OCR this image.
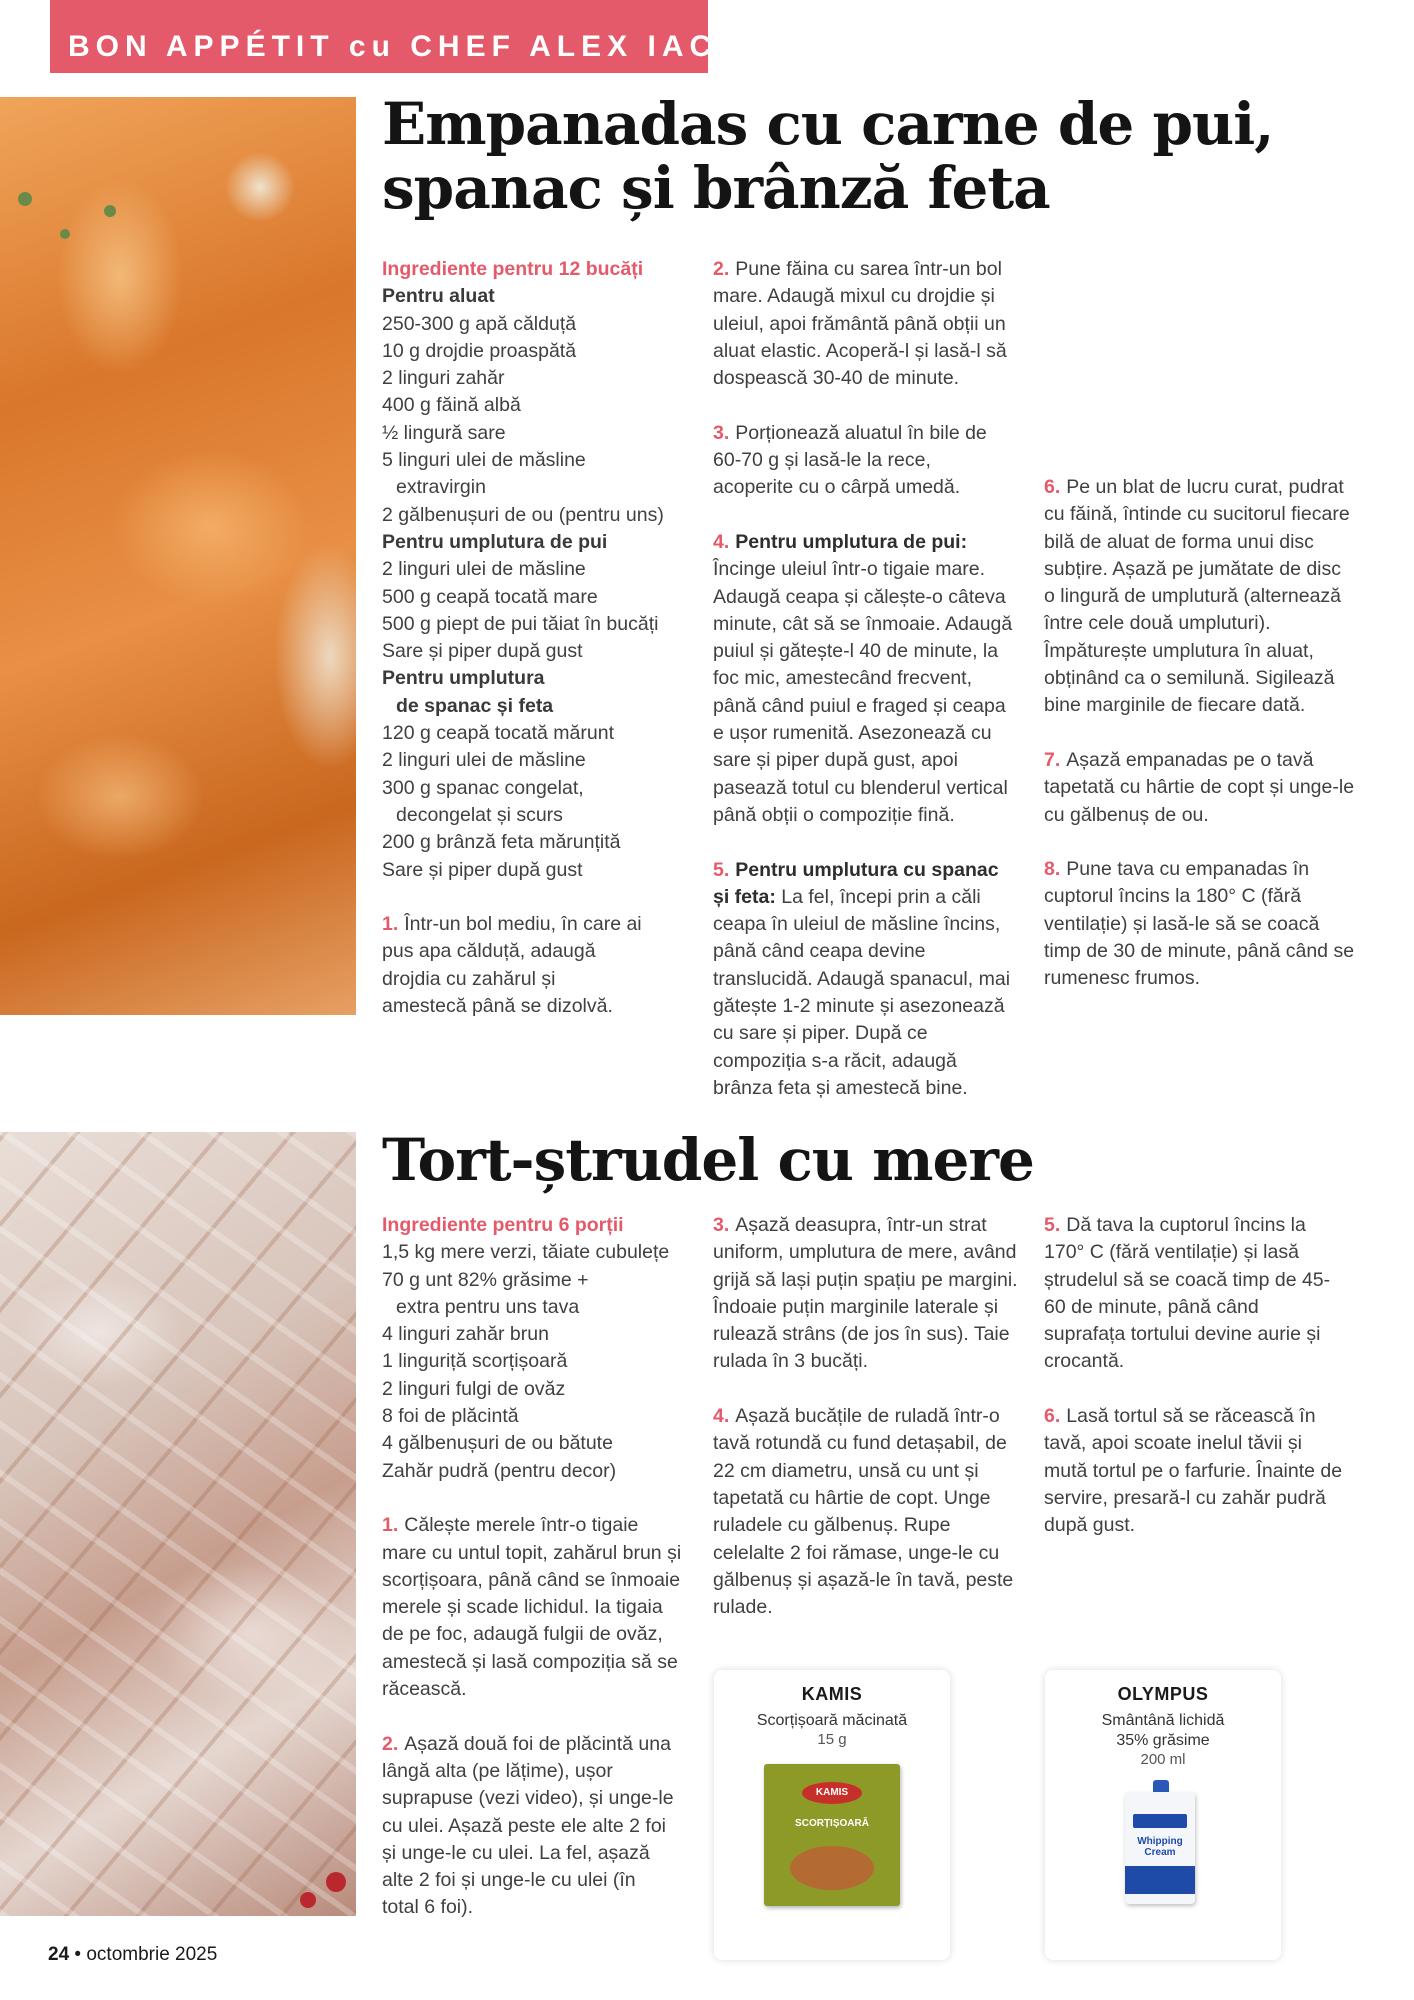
BON APPÉTIT cu CHEF ALEX IACOB
Empanadas cu carne de pui,
spanac și brânză feta

Ingrediente pentru 12 bucăți

Pentru aluat

250-300 g apă călduță

10 g drojdie proaspătă

2 linguri zahăr

400 g făină albă

½ lingură sare

5 linguri ulei de măsline

extravirgin

2 gălbenușuri de ou (pentru uns)

Pentru umplutura de pui

2 linguri ulei de măsline

500 g ceapă tocată mare

500 g piept de pui tăiat în bucăți

Sare și piper după gust

Pentru umplutura

de spanac și feta

120 g ceapă tocată mărunt

2 linguri ulei de măsline

300 g spanac congelat,

decongelat și scurs

200 g brânză feta mărunțită

Sare și piper după gust

1. Într-un bol mediu, în care ai pus apa călduță, adaugă drojdia cu zahărul și amestecă până se dizolvă.

2. Pune făina cu sarea într-un bol mare. Adaugă mixul cu drojdie și uleiul, apoi frământă până obții un aluat elastic. Acoperă-l și lasă-l să dospească 30-40 de minute.

3. Porționează aluatul în bile de 60-70 g și lasă-le la rece, acoperite cu o cârpă umedă.

4. Pentru umplutura de pui: Încinge uleiul într-o tigaie mare. Adaugă ceapa și călește-o câteva minute, cât să se înmoaie. Adaugă puiul și gătește-l 40 de minute, la foc mic, amestecând frecvent, până când puiul e fraged și ceapa e ușor rumenită. Asezonează cu sare și piper după gust, apoi pasează totul cu blenderul vertical până obții o compoziție fină.

5. Pentru umplutura cu spanac și feta: La fel, începi prin a căli ceapa în uleiul de măsline încins, până când ceapa devine translucidă. Adaugă spanacul, mai gătește 1-2 minute și asezonează cu sare și piper. După ce compoziția s-a răcit, adaugă brânza feta și amestecă bine.

6. Pe un blat de lucru curat, pudrat cu făină, întinde cu sucitorul fiecare bilă de aluat de forma unui disc subțire. Așază pe jumătate de disc o lingură de umplutură (alternează între cele două umpluturi). Împăturește umplutura în aluat, obținând ca o semilună. Sigilează bine marginile de fiecare dată.

7. Așază empanadas pe o tavă tapetată cu hârtie de copt și unge-le cu gălbenuș de ou.

8. Pune tava cu empanadas în cuptorul încins la 180° C (fără ventilație) și lasă-le să se coacă timp de 30 de minute, până când se rumenesc frumos.

Tort-ștrudel cu mere

Ingrediente pentru 6 porții

1,5 kg mere verzi, tăiate cubulețe

70 g unt 82% grăsime +

extra pentru uns tava

4 linguri zahăr brun

1 linguriță scorțișoară

2 linguri fulgi de ovăz

8 foi de plăcintă

4 gălbenușuri de ou bătute

Zahăr pudră (pentru decor)

1. Călește merele într-o tigaie mare cu untul topit, zahărul brun și scorțișoara, până când se înmoaie merele și scade lichidul. Ia tigaia de pe foc, adaugă fulgii de ovăz, amestecă și lasă compoziția să se răcească.

2. Așază două foi de plăcintă una lângă alta (pe lățime), ușor suprapuse (vezi video), și unge-le cu ulei. Așază peste ele alte 2 foi și unge-le cu ulei. La fel, așază alte 2 foi și unge-le cu ulei (în total 6 foi).

3. Așază deasupra, într-un strat uniform, umplutura de mere, având grijă să lași puțin spațiu pe margini. Îndoaie puțin marginile laterale și rulează strâns (de jos în sus). Taie rulada în 3 bucăți.

4. Așază bucățile de ruladă într-o tavă rotundă cu fund detașabil, de 22 cm diametru, unsă cu unt și tapetată cu hârtie de copt. Unge ruladele cu gălbenuș. Rupe celelalte 2 foi rămase, unge-le cu gălbenuș și așază-le în tavă, peste rulade.

5. Dă tava la cuptorul încins la 170° C (fără ventilație) și lasă ștrudelul să se coacă timp de 45-60 de minute, până când suprafața tortului devine aurie și crocantă.

6. Lasă tortul să se răcească în tavă, apoi scoate inelul tăvii și mută tortul pe o farfurie. Înainte de servire, presară-l cu zahăr pudră după gust.

KAMIS
Scorțișoară măcinată
15 g
KAMIS
SCORȚIȘOARĂ
OLYMPUS
Smântână lichidă
35% grăsime
200 ml
Whipping Cream
24 • octombrie 2025
